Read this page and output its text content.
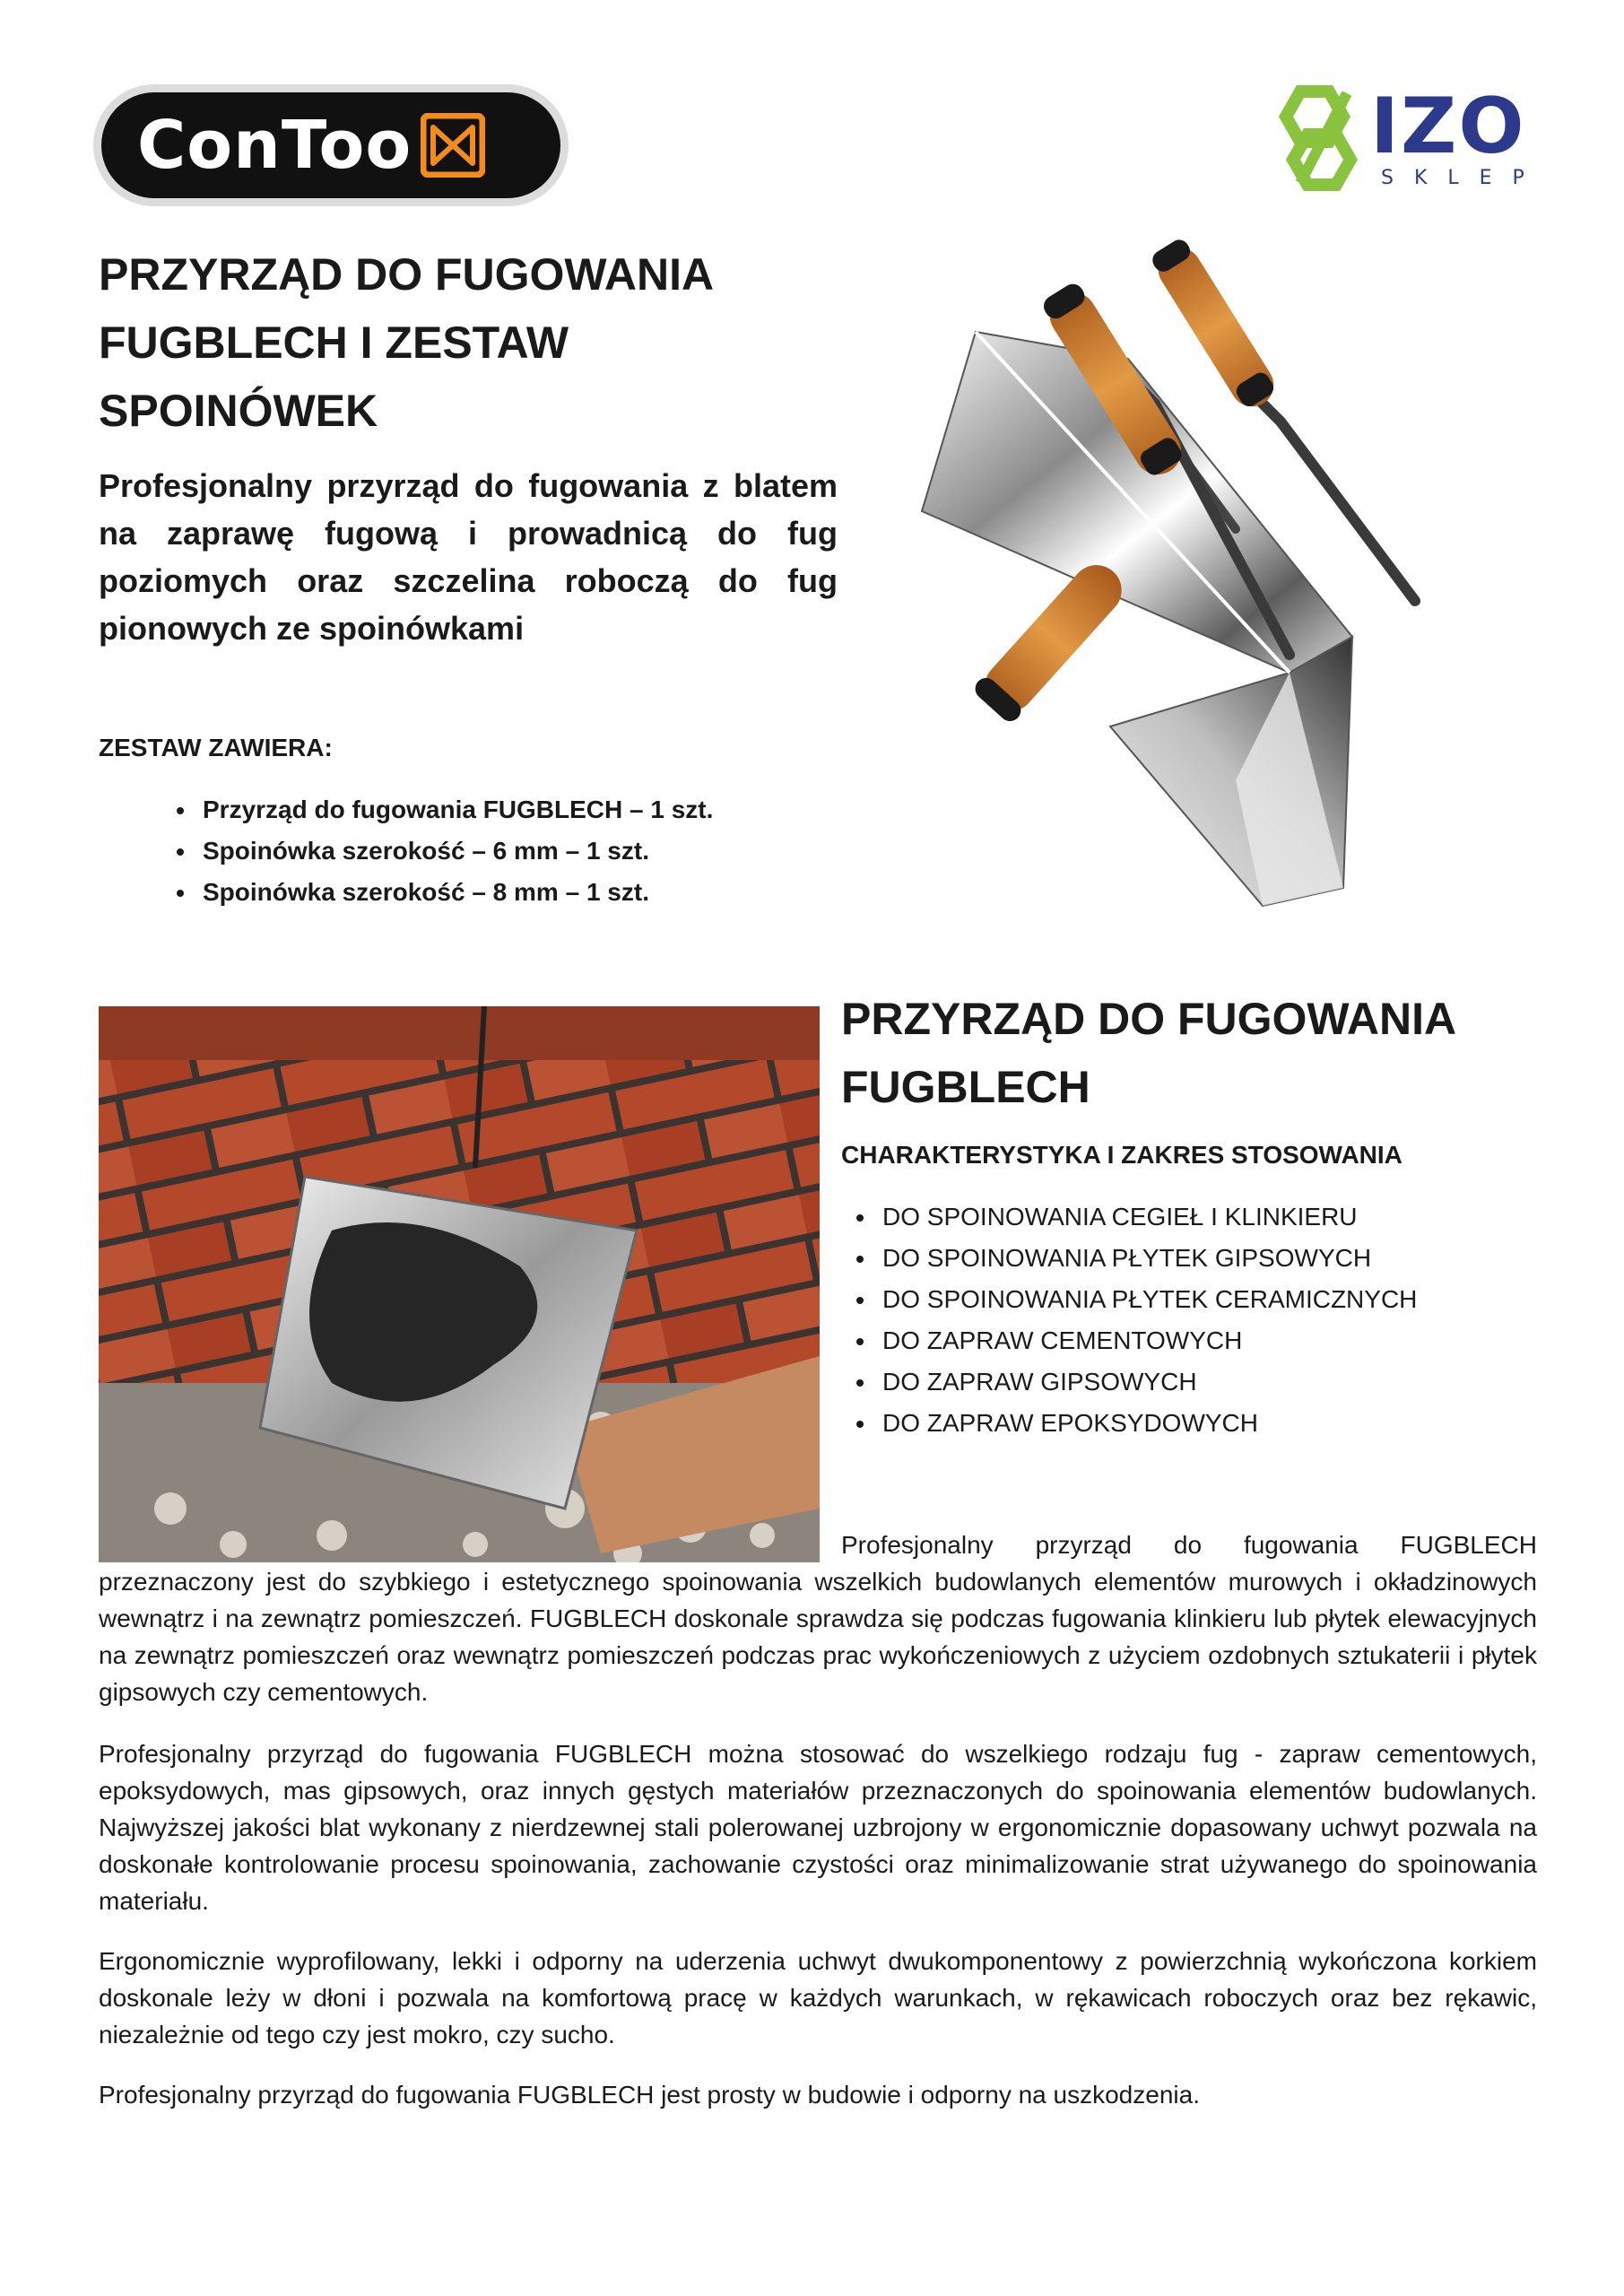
ConToo	IZO
SKLEP
PRZYRZĄD DO FUGOWANIA FUGBLECH I ZESTAW SPOINÓWEK

Profesjonalny przyrząd do fugowania z blatem na zaprawę fugową i prowadnicą do fug poziomych oraz szczelina roboczą do fug pionowych ze spoinówkami

ZESTAW ZAWIERA:

• Przyrząd do fugowania FUGBLECH – 1 szt.
• Spoinówka szerokość – 6 mm – 1 szt.
• Spoinówka szerokość – 8 mm – 1 szt.
PRZYRZĄD DO FUGOWANIA FUGBLECH

CHARAKTERYSTYKA I ZAKRES STOSOWANIA

• DO SPOINOWANIA CEGIEŁ I KLINKIERU
• DO SPOINOWANIA PŁYTEK GIPSOWYCH
• DO SPOINOWANIA PŁYTEK CERAMICZNYCH
• DO ZAPRAW CEMENTOWYCH
• DO ZAPRAW GIPSOWYCH
• DO ZAPRAW EPOKSYDOWYCH

Profesjonalny przyrząd do fugowania FUGBLECH

przeznaczony jest do szybkiego i estetycznego spoinowania wszelkich budowlanych elementów murowych i okładzinowych wewnątrz i na zewnątrz pomieszczeń. FUGBLECH doskonale sprawdza się podczas fugowania klinkieru lub płytek elewacyjnych na zewnątrz pomieszczeń oraz wewnątrz pomieszczeń podczas prac wykończeniowych z użyciem ozdobnych sztukaterii i płytek gipsowych czy cementowych.

Profesjonalny przyrząd do fugowania FUGBLECH można stosować do wszelkiego rodzaju fug - zapraw cementowych, epoksydowych, mas gipsowych, oraz innych gęstych materiałów przeznaczonych do spoinowania elementów budowlanych. Najwyższej jakości blat wykonany z nierdzewnej stali polerowanej uzbrojony w ergonomicznie dopasowany uchwyt pozwala na doskonałe kontrolowanie procesu spoinowania, zachowanie czystości oraz minimalizowanie strat używanego do spoinowania materiału.

Ergonomicznie wyprofilowany, lekki i odporny na uderzenia uchwyt dwukomponentowy z powierzchnią wykończona korkiem doskonale leży w dłoni i pozwala na komfortową pracę w każdych warunkach, w rękawicach roboczych oraz bez rękawic, niezależnie od tego czy jest mokro, czy sucho.

Profesjonalny przyrząd do fugowania FUGBLECH jest prosty w budowie i odporny na uszkodzenia.
